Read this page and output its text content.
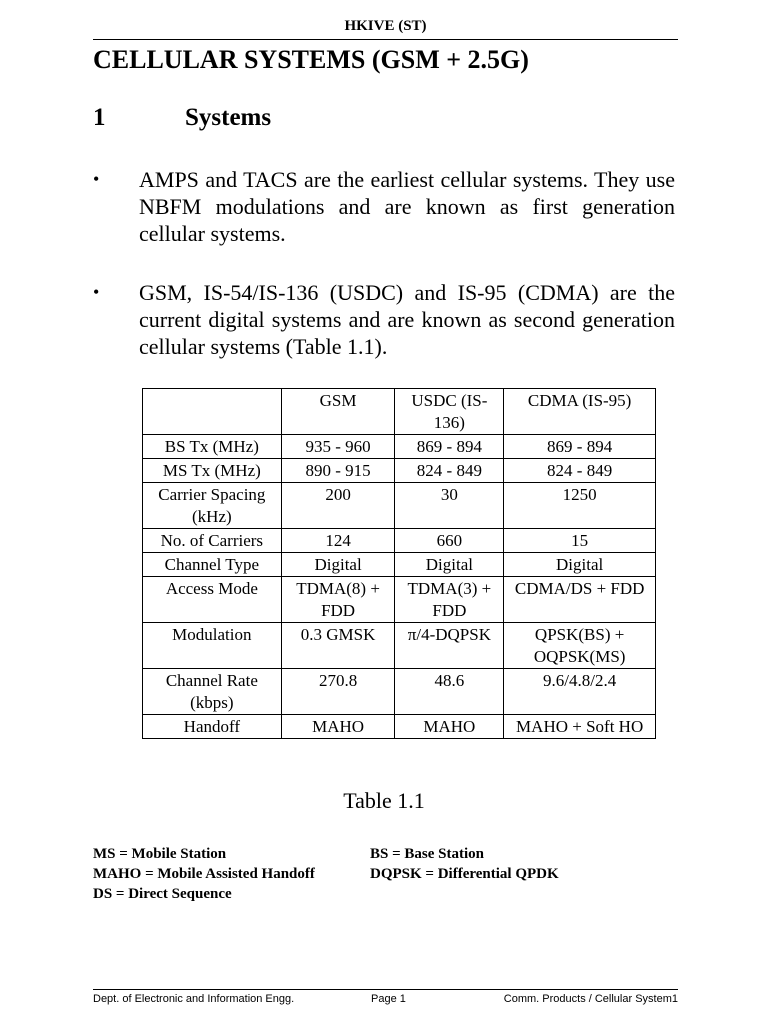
HKIVE (ST)
CELLULAR SYSTEMS (GSM + 2.5G)
1	Systems
• AMPS and TACS are the earliest cellular systems. They use NBFM modulations and are known as first generation cellular systems.
• GSM, IS-54/IS-136 (USDC) and IS-95 (CDMA) are the current digital systems and are known as second generation cellular systems (Table 1.1).
	GSM	USDC (IS-136)	CDMA (IS-95)
BS Tx (MHz)	935 - 960	869 - 894	869 - 894
MS Tx (MHz)	890 - 915	824 - 849	824 - 849
Carrier Spacing (kHz)	200	30	1250
No. of Carriers	124	660	15
Channel Type	Digital	Digital	Digital
Access Mode	TDMA(8) + FDD	TDMA(3) + FDD	CDMA/DS + FDD
Modulation	0.3 GMSK	π/4-DQPSK	QPSK(BS) + OQPSK(MS)
Channel Rate (kbps)	270.8	48.6	9.6/4.8/2.4
Handoff	MAHO	MAHO	MAHO + Soft HO
Table 1.1
MS = Mobile Station	BS = Base Station
MAHO = Mobile Assisted Handoff	DQPSK = Differential QPDK
DS = Direct Sequence
Dept. of Electronic and Information Engg.	Page 1	Comm. Products / Cellular System1
